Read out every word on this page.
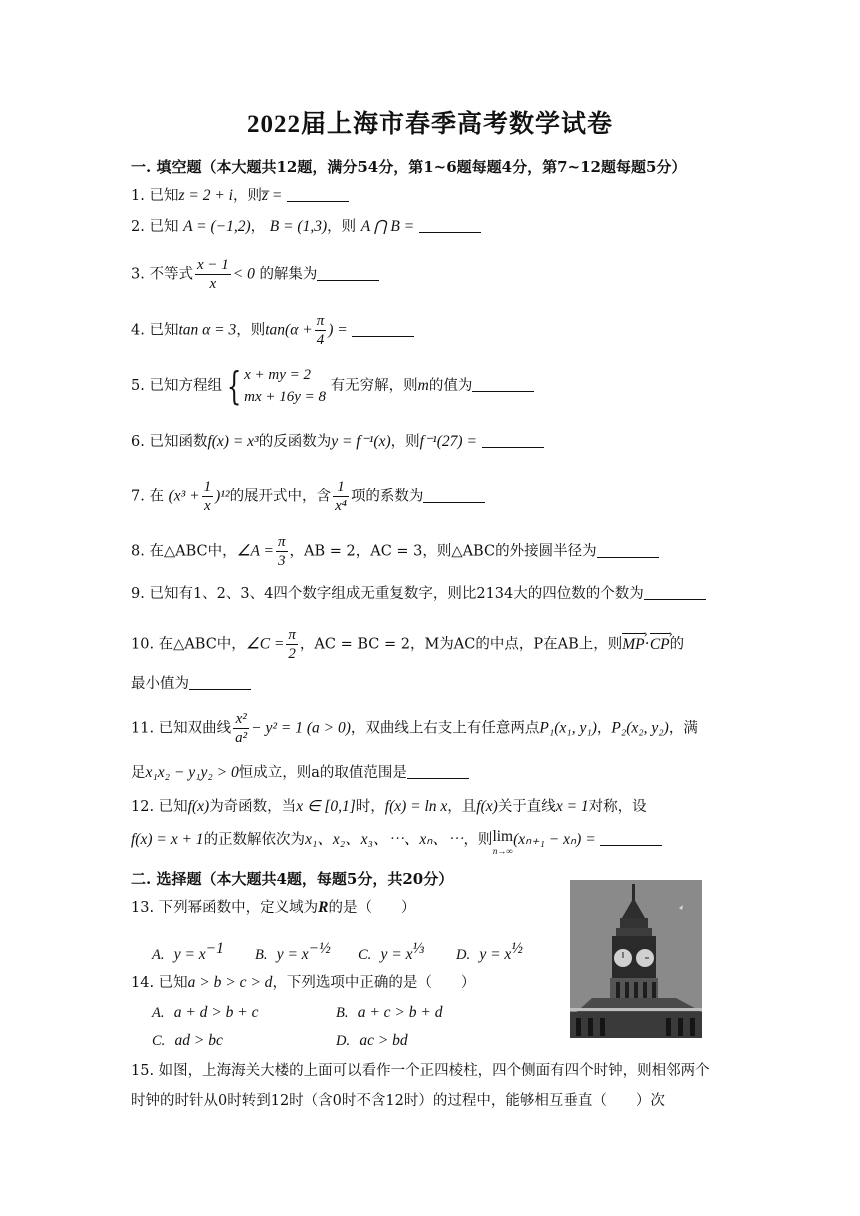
2022届上海市春季高考数学试卷
一. 填空题（本大题共12题，满分54分，第1~6题每题4分，第7~12题每题5分）
1. 已知z = 2 + i，则z̅ =
2. 已知 A = (−1,2)， B = (1,3)，则 A ⋂ B =
3. 不等式 $\frac{x - 1}{x} < 0$ 的解集为
4. 已知tan α = 3，则$\tan(\alpha + \frac{\pi}{4}$ ) =
5. 已知方程组 { x + my = 2
mx + 16y = 8
有无穷解，则m的值为
6. 已知函数f(x) = x³的反函数为y = f⁻¹(x)，则f⁻¹(27) =
7. 在 $(x^3 + \frac{1}{x} )^{12}$的展开式中，含 $\frac{1}{\text{x⁴}}$ 项的系数为
8. 在△ABC中，∠A = $\frac{\pi}{3}$ ，AB = 2，AC = 3，则△ABC的外接圆半径为
9. 已知有1、2、3、4四个数字组成无重复数字，则比2134大的四位数的个数为
10. 在△ABC中，∠C = $\frac{\pi}{2}$ ，AC = BC = 2，M为AC的中点，P在AB上，则MP ›·CP ›的
最小值为
11. 已知双曲线 $\frac{\text{x²}}{\text{a²}} - y^2 = 1$ (a > 0)，双曲线上右支上有任意两点P₁(x₁, y₁)，P₂(x₂, y₂)，满
足x₁x₂ − y₁y₂ > 0恒成立，则a的取值范围是
12. 已知f(x)为奇函数，当x ∈ [0,1]时，f(x) = ln x，且f(x)关于直线x = 1对称，设
f(x) = x + 1的正数解依次为x₁、x₂、x₃、⋯、xₙ、⋯，则 lim
n→∞
(xₙ₊₁ − xₙ) =
二. 选择题（本大题共4题，每题5分，共20分）
13. 下列幂函数中，定义域为R的是（　　）
A. $y = x^{-1}$ B. $y = x^{-\frac{1}{2}}$ C. $y = x^{\frac{1}{3}}$ D. $y = x^{\frac{1}{2}}$
14. 已知a > b > c > d，下列选项中正确的是（　　）
A. a + d > b + c	B. a + c > b + d
C. ad > bc	D. ac > bd
15. 如图，上海海关大楼的上面可以看作一个正四棱柱，四个侧面有四个时钟，则相邻两个
时钟的时针从0时转到12时（含0时不含12时）的过程中，能够相互垂直（　　）次
